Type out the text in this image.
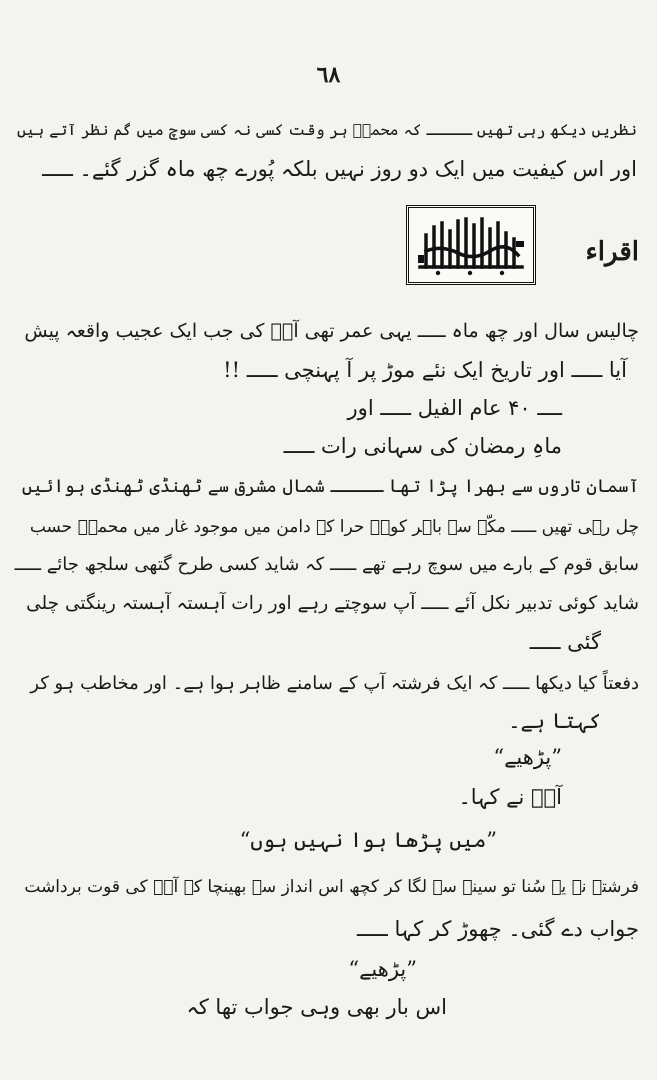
٦٨
نظریں دیکھ رہی تھیں ـــــ کہ محمدؐ ہر وقت کسی نہ کسی سوچ میں گم نظر آتے ہیں
اور اس کیفیت میں ایک دو روز نہیں بلکہ پُورے چھ ماہ گزر گئے۔ ـــــ
اقراء
چالیس سال اور چھ ماہ ـــــ یہی عمر تھی آپؐ کی جب ایک عجیب واقعہ پیش
آیا ـــــ اور تاریخ ایک نئے موڑ پر آ پہنچی ـــــ !!
ــــ ۴۰ عام الفیل ـــــ اور
ماہِ رمضان کی سہانی رات ـــــ
آسمان تاروں سے بھرا پڑا تھا ـــــ شمال مشرق سے ٹھنڈی ٹھنڈی ہوائیں
چل رہی تھیں ـــــ مکّہ سے باہر کوہِ حرا کے دامن میں موجود غار میں محمدؐ حسب
سابق قوم کے بارے میں سوچ رہے تھے ـــــ کہ شاید کسی طرح گتھی سلجھ جائے ـــــ
شاید کوئی تدبیر نکل آئے ـــــ آپ سوچتے رہے اور رات آہستہ آہستہ رینگتی چلی
گئی ـــــ
دفعتاً کیا دیکھا ـــــ کہ ایک فرشتہ آپ کے سامنے ظاہر ہوا ہے۔ اور مخاطب ہو کر
کہتا ہے۔
”پڑھیے“
آپؐ نے کہا۔
”میں پڑھا ہوا نہیں ہوں“
فرشتے نے یہ سُنا تو سینے سے لگا کر کچھ اس انداز سے بھینچا کہ آپؐ کی قوت برداشت
جواب دے گئی۔ چھوڑ کر کہا ـــــ
”پڑھیے“
اس بار بھی وہی جواب تھا کہ
